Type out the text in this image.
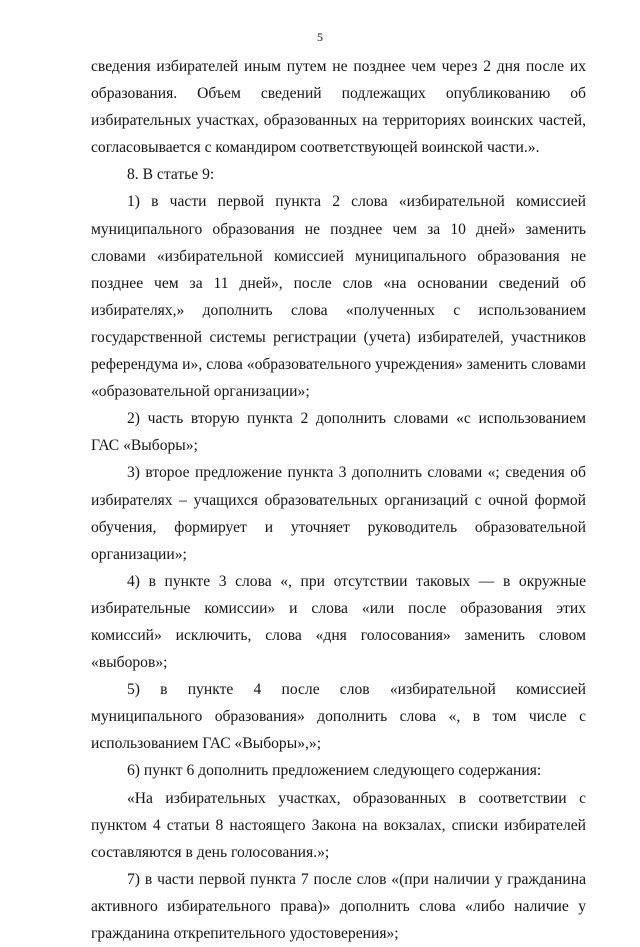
5

сведения избирателей иным путем не позднее чем через 2 дня после их образования. Объем сведений подлежащих опубликованию об избирательных участках, образованных на территориях воинских частей, согласовывается с командиром соответствующей воинской части.».

8. В статье 9:

1) в части первой пункта 2 слова «избирательной комиссией муниципального образования не позднее чем за 10 дней» заменить словами «избирательной комиссией муниципального образования не позднее чем за 11 дней», после слов «на основании сведений об избирателях,» дополнить слова «полученных с использованием государственной системы регистрации (учета) избирателей, участников референдума и», слова «образовательного учреждения» заменить словами «образовательной организации»;

2) часть вторую пункта 2 дополнить словами «с использованием ГАС «Выборы»;

3) второе предложение пункта 3 дополнить словами «; сведения об избирателях – учащихся образовательных организаций с очной формой обучения, формирует и уточняет руководитель образовательной организации»;

4) в пункте 3 слова «, при отсутствии таковых — в окружные избирательные комиссии» и слова «или после образования этих комиссий» исключить, слова «дня голосования» заменить словом «выборов»;

5) в пункте 4 после слов «избирательной комиссией муниципального образования» дополнить слова «, в том числе с использованием ГАС «Выборы»,»;

6) пункт 6 дополнить предложением следующего содержания:

«На избирательных участках, образованных в соответствии с пунктом 4 статьи 8 настоящего Закона на вокзалах, списки избирателей составляются в день голосования.»;

7) в части первой пункта 7 после слов «(при наличии у гражданина активного избирательного права)» дополнить слова «либо наличие у гражданина открепительного удостоверения»;
